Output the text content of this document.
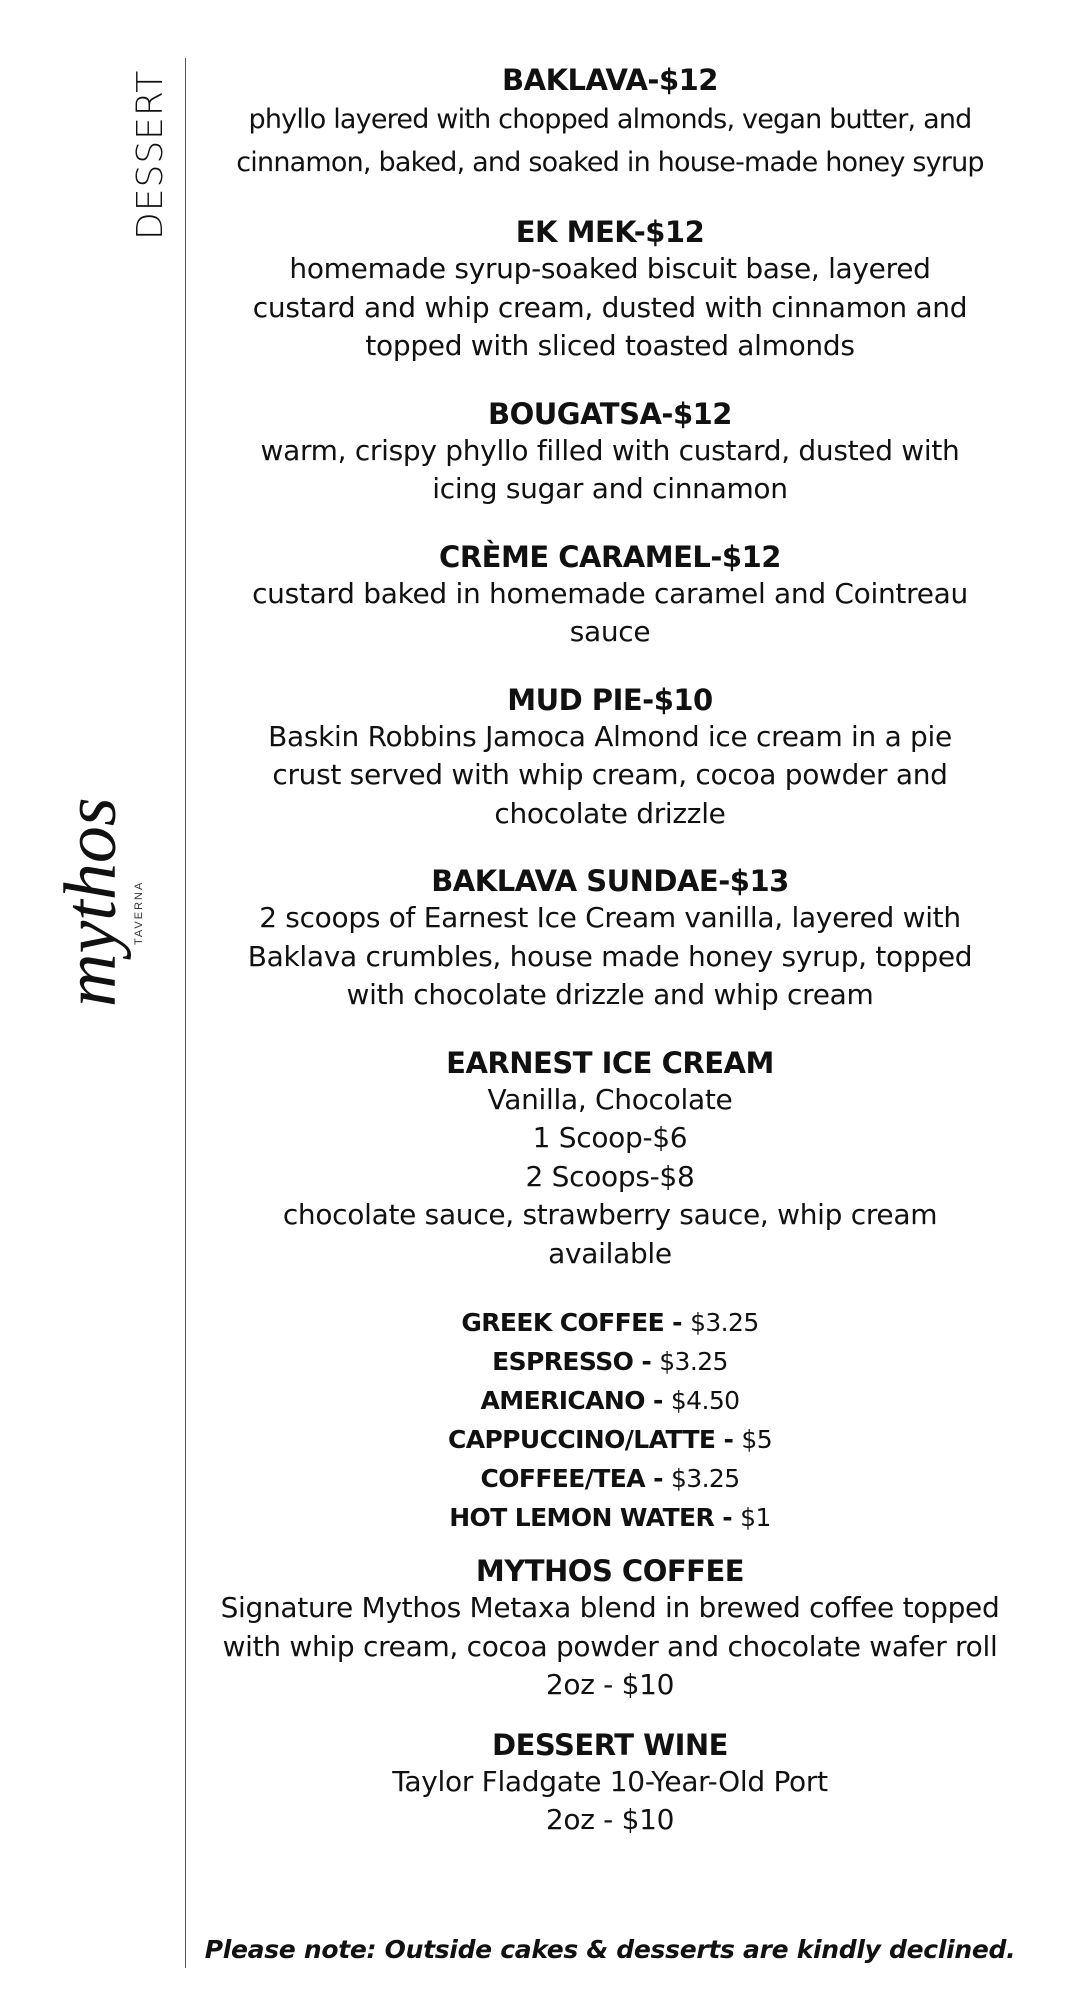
DESSERT
mythos TAVERNA
BAKLAVA-$12

phyllo layered with chopped almonds, vegan butter, and
cinnamon, baked, and soaked in house-made honey syrup

EK MEK-$12

homemade syrup-soaked biscuit base, layered
custard and whip cream, dusted with cinnamon and
topped with sliced toasted almonds

BOUGATSA-$12

warm, crispy phyllo filled with custard, dusted with
icing sugar and cinnamon

CRÈME CARAMEL-$12

custard baked in homemade caramel and Cointreau
sauce

MUD PIE-$10

Baskin Robbins Jamoca Almond ice cream in a pie
crust served with whip cream, cocoa powder and
chocolate drizzle

BAKLAVA SUNDAE-$13

2 scoops of Earnest Ice Cream vanilla, layered with
Baklava crumbles, house made honey syrup, topped
with chocolate drizzle and whip cream

EARNEST ICE CREAM

Vanilla, Chocolate
1 Scoop-$6
2 Scoops-$8
chocolate sauce, strawberry sauce, whip cream
available

GREEK COFFEE - $3.25
ESPRESSO - $3.25
AMERICANO - $4.50
CAPPUCCINO/LATTE - $5
COFFEE/TEA - $3.25
HOT LEMON WATER - $1
MYTHOS COFFEE

Signature Mythos Metaxa blend in brewed coffee topped
with whip cream, cocoa powder and chocolate wafer roll
2oz - $10

DESSERT WINE

Taylor Fladgate 10-Year-Old Port
2oz - $10

Please note: Outside cakes & desserts are kindly declined.
